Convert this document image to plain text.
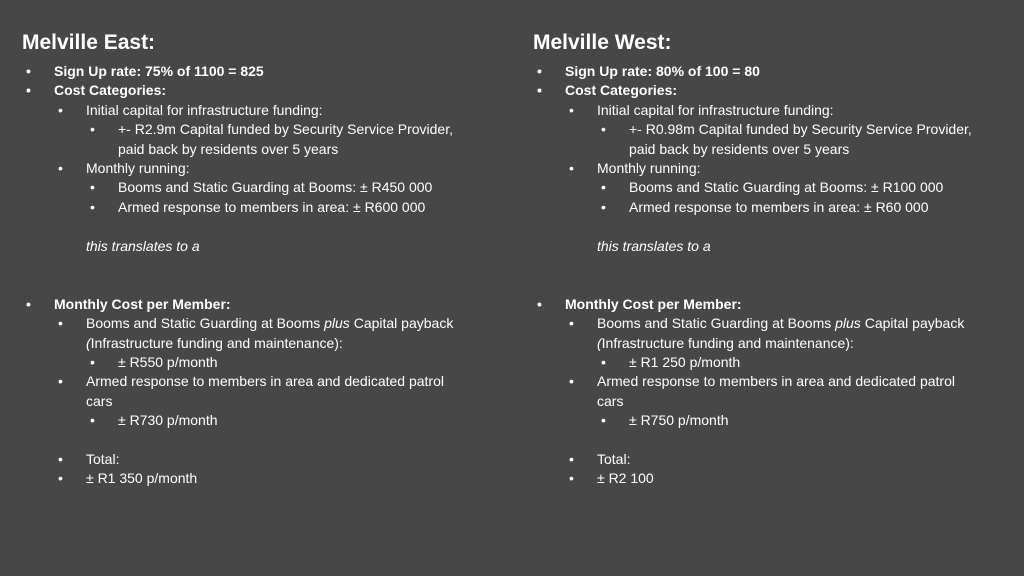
Melville East:
• Sign Up rate: 75% of 1100 = 825
• Cost Categories:
• Initial capital for infrastructure funding:
• +- R2.9m Capital funded by Security Service Provider,
paid back by residents over 5 years
• Monthly running:
• Booms and Static Guarding at Booms: ± R450 000
• Armed response to members in area: ± R600 000
this translates to a
• Monthly Cost per Member:
• Booms and Static Guarding at Booms plus Capital payback
(Infrastructure funding and maintenance):
• ± R550 p/month
• Armed response to members in area and dedicated patrol
cars
• ± R730 p/month
• Total:
• ± R1 350 p/month
Melville West:
• Sign Up rate: 80% of 100 = 80
• Cost Categories:
• Initial capital for infrastructure funding:
• +- R0.98m Capital funded by Security Service Provider,
paid back by residents over 5 years
• Monthly running:
• Booms and Static Guarding at Booms: ± R100 000
• Armed response to members in area: ± R60 000
this translates to a
• Monthly Cost per Member:
• Booms and Static Guarding at Booms plus Capital payback
(Infrastructure funding and maintenance):
• ± R1 250 p/month
• Armed response to members in area and dedicated patrol
cars
• ± R750 p/month
• Total:
• ± R2 100
